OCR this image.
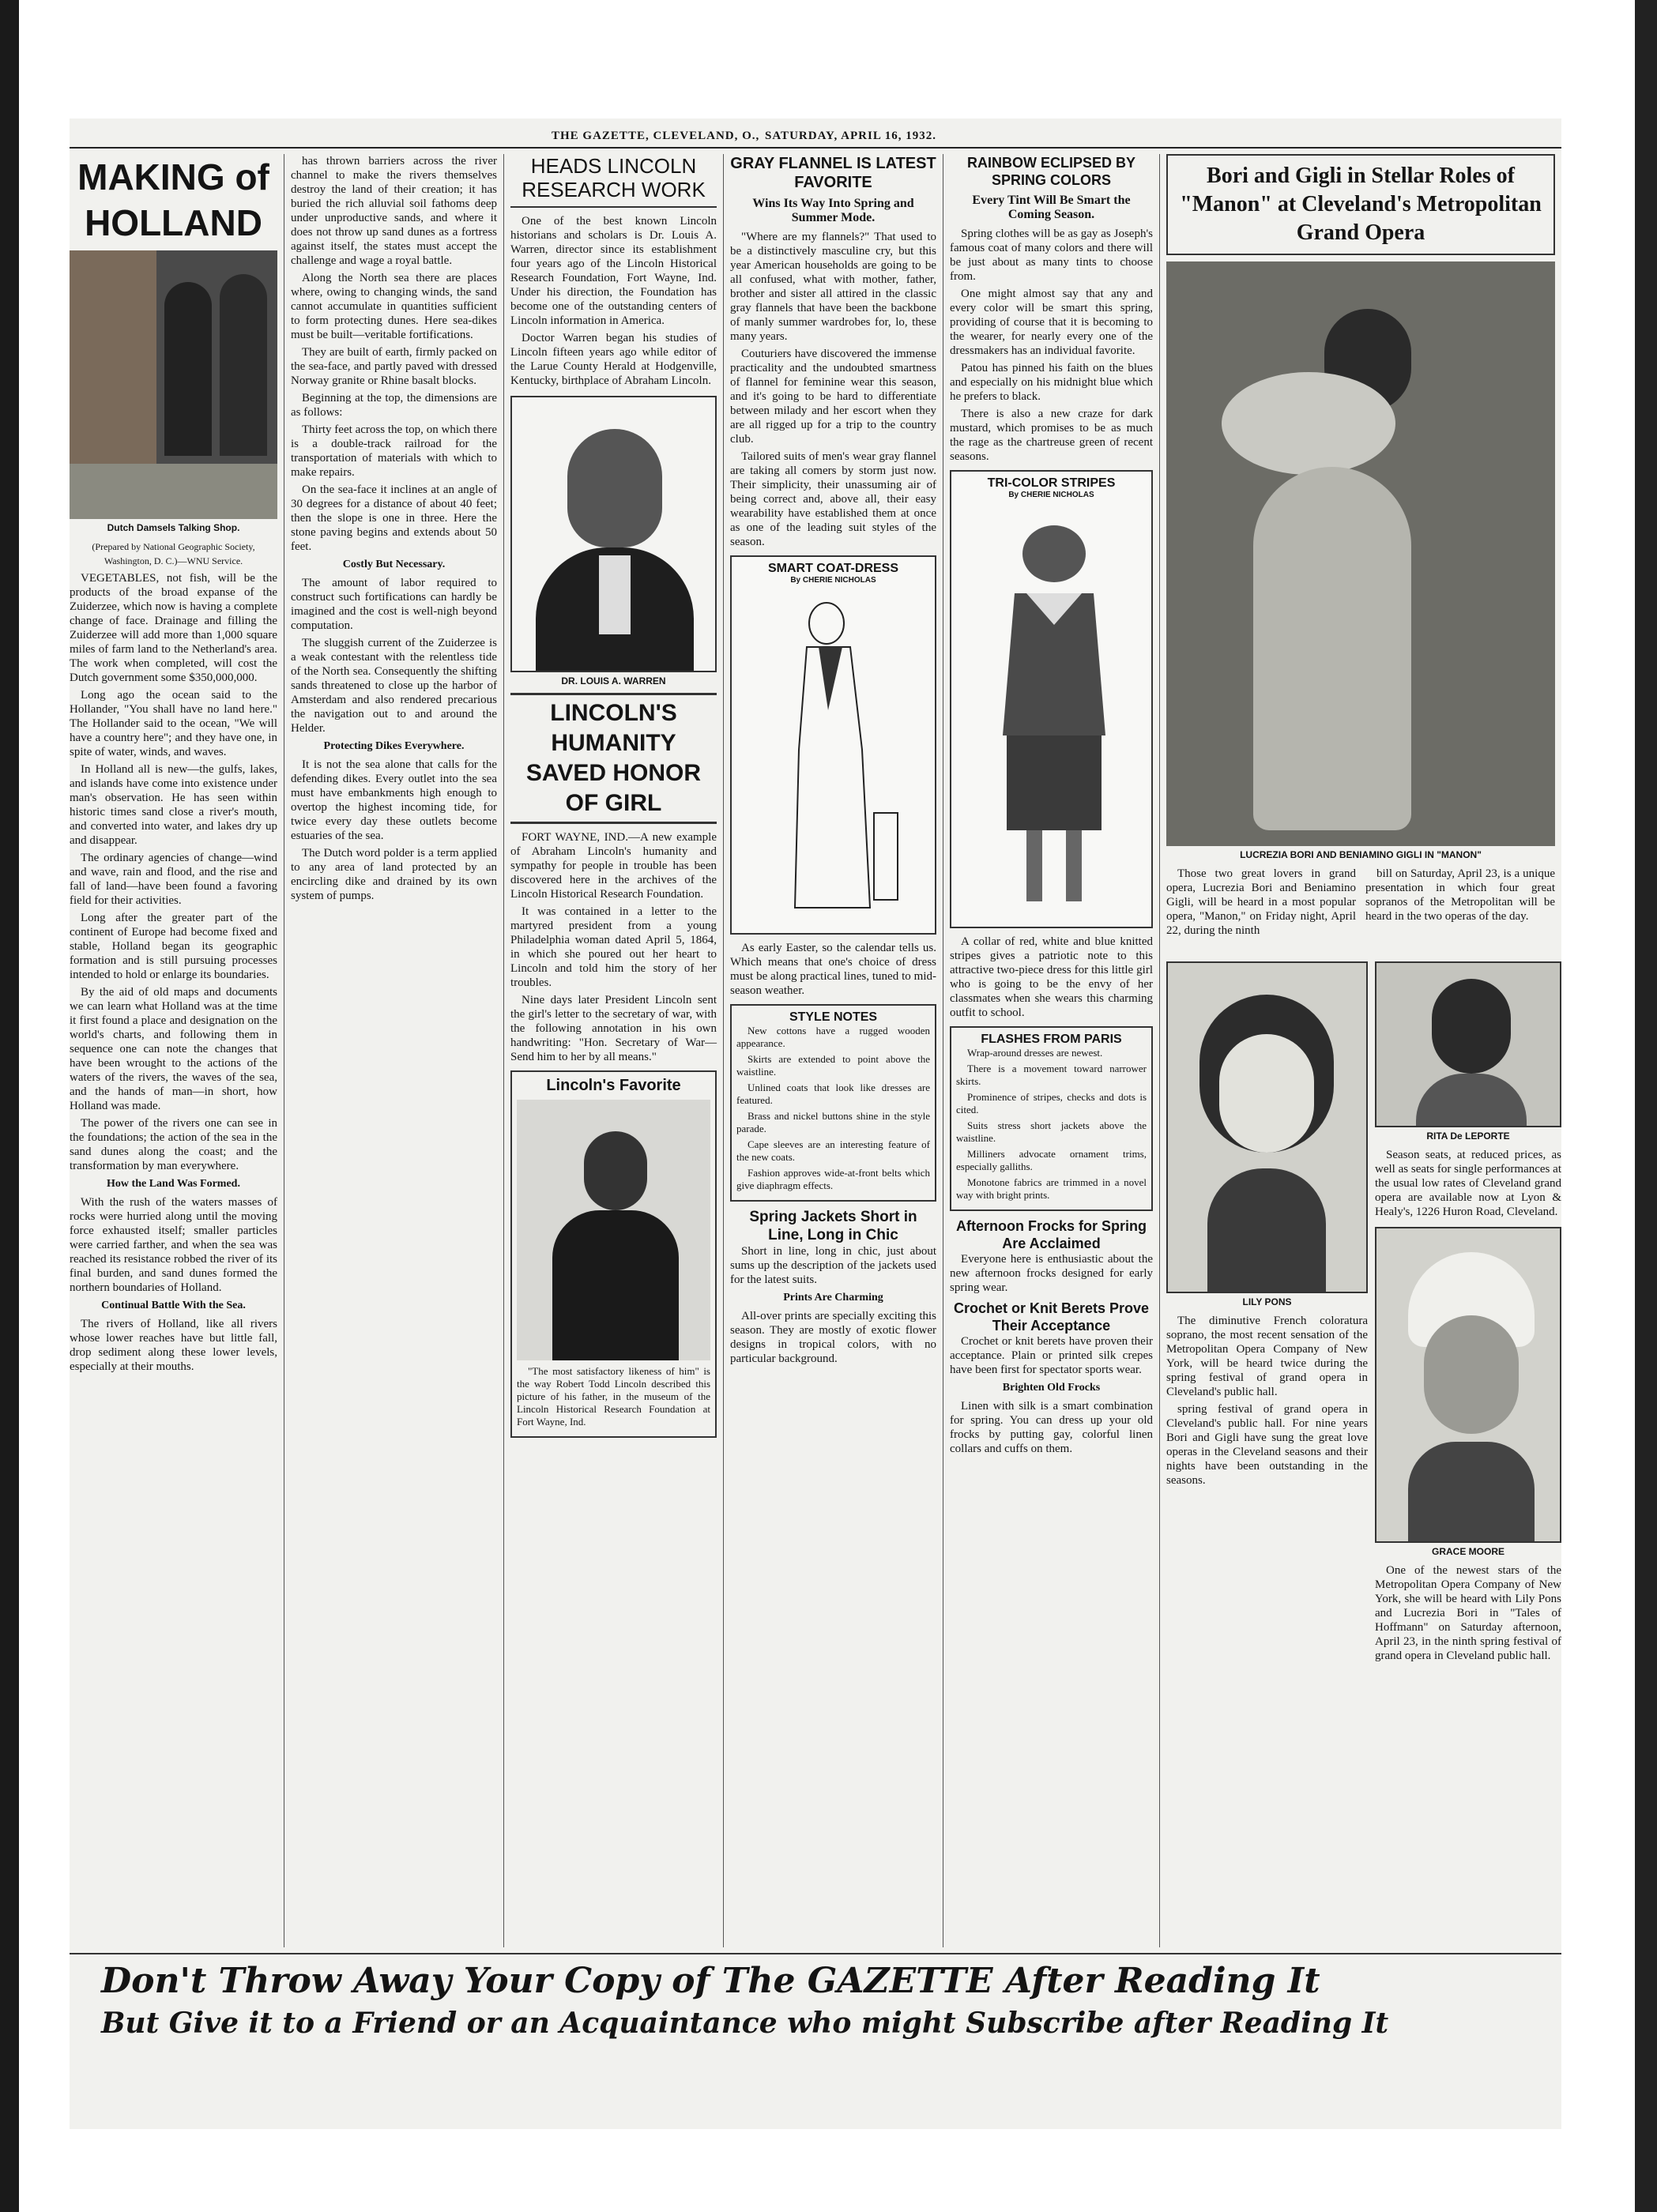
THE GAZETTE, CLEVELAND, O., SATURDAY, APRIL 16, 1932.
MAKING of HOLLAND
Dutch Damsels Talking Shop.
(Prepared by National Geographic Society, Washington, D. C.)—WNU Service.

VEGETABLES, not fish, will be the products of the broad expanse of the Zuiderzee, which now is having a complete change of face. Drainage and filling the Zuiderzee will add more than 1,000 square miles of farm land to the Netherland's area. The work when completed, will cost the Dutch government some $350,000,000.

Long ago the ocean said to the Hollander, "You shall have no land here." The Hollander said to the ocean, "We will have a country here"; and they have one, in spite of water, winds, and waves.

In Holland all is new—the gulfs, lakes, and islands have come into existence under man's observation. He has seen within historic times sand close a river's mouth, and converted into water, and lakes dry up and disappear.

The ordinary agencies of change—wind and wave, rain and flood, and the rise and fall of land—have been found a favoring field for their activities.

Long after the greater part of the continent of Europe had become fixed and stable, Holland began its geographic formation and is still pursuing processes intended to hold or enlarge its boundaries.

By the aid of old maps and documents we can learn what Holland was at the time it first found a place and designation on the world's charts, and following them in sequence one can note the changes that have been wrought to the actions of the waters of the rivers, the waves of the sea, and the hands of man—in short, how Holland was made.

The power of the rivers one can see in the foundations; the action of the sea in the sand dunes along the coast; and the transformation by man everywhere.

How the Land Was Formed.

With the rush of the waters masses of rocks were hurried along until the moving force exhausted itself; smaller particles were carried farther, and when the sea was reached its resistance robbed the river of its final burden, and sand dunes formed the northern boundaries of Holland.

Continual Battle With the Sea.

The rivers of Holland, like all rivers whose lower reaches have but little fall, drop sediment along these lower levels, especially at their mouths.

has thrown barriers across the river channel to make the rivers themselves destroy the land of their creation; it has buried the rich alluvial soil fathoms deep under unproductive sands, and where it does not throw up sand dunes as a fortress against itself, the states must accept the challenge and wage a royal battle.

Along the North sea there are places where, owing to changing winds, the sand cannot accumulate in quantities sufficient to form protecting dunes. Here sea-dikes must be built—veritable fortifications.

They are built of earth, firmly packed on the sea-face, and partly paved with dressed Norway granite or Rhine basalt blocks.

Beginning at the top, the dimensions are as follows:

Thirty feet across the top, on which there is a double-track railroad for the transportation of materials with which to make repairs.

On the sea-face it inclines at an angle of 30 degrees for a distance of about 40 feet; then the slope is one in three. Here the stone paving begins and extends about 50 feet.

Costly But Necessary.

The amount of labor required to construct such fortifications can hardly be imagined and the cost is well-nigh beyond computation.

The sluggish current of the Zuiderzee is a weak contestant with the relentless tide of the North sea. Consequently the shifting sands threatened to close up the harbor of Amsterdam and also rendered precarious the navigation out to and around the Helder.

Protecting Dikes Everywhere.

It is not the sea alone that calls for the defending dikes. Every outlet into the sea must have embankments high enough to overtop the highest incoming tide, for twice every day these outlets become estuaries of the sea.

The Dutch word polder is a term applied to any area of land protected by an encircling dike and drained by its own system of pumps.

HEADS LINCOLN RESEARCH WORK

One of the best known Lincoln historians and scholars is Dr. Louis A. Warren, director since its establishment four years ago of the Lincoln Historical Research Foundation, Fort Wayne, Ind. Under his direction, the Foundation has become one of the outstanding centers of Lincoln information in America.

Doctor Warren began his studies of Lincoln fifteen years ago while editor of the Larue County Herald at Hodgenville, Kentucky, birthplace of Abraham Lincoln.

DR. LOUIS A. WARREN
LINCOLN'S HUMANITY SAVED HONOR OF GIRL

FORT WAYNE, IND.—A new example of Abraham Lincoln's humanity and sympathy for people in trouble has been discovered here in the archives of the Lincoln Historical Research Foundation.

It was contained in a letter to the martyred president from a young Philadelphia woman dated April 5, 1864, in which she poured out her heart to Lincoln and told him the story of her troubles.

Nine days later President Lincoln sent the girl's letter to the secretary of war, with the following annotation in his own handwriting: "Hon. Secretary of War—Send him to her by all means."

Lincoln's Favorite

"The most satisfactory likeness of him" is the way Robert Todd Lincoln described this picture of his father, in the museum of the Lincoln Historical Research Foundation at Fort Wayne, Ind.

GRAY FLANNEL IS LATEST FAVORITE
Wins Its Way Into Spring and Summer Mode.

"Where are my flannels?" That used to be a distinctively masculine cry, but this year American households are going to be all confused, what with mother, father, brother and sister all attired in the classic gray flannels that have been the backbone of manly summer wardrobes for, lo, these many years.

Couturiers have discovered the immense practicality and the undoubted smartness of flannel for feminine wear this season, and it's going to be hard to differentiate between milady and her escort when they are all rigged up for a trip to the country club.

Tailored suits of men's wear gray flannel are taking all comers by storm just now. Their simplicity, their unassuming air of being correct and, above all, their easy wearability have established them at once as one of the leading suit styles of the season.

SMART COAT-DRESS
By CHERIE NICHOLAS

As early Easter, so the calendar tells us. Which means that one's choice of dress must be along practical lines, tuned to mid-season weather.

STYLE NOTES

New cottons have a rugged wooden appearance.

Skirts are extended to point above the waistline.

Unlined coats that look like dresses are featured.

Brass and nickel buttons shine in the style parade.

Cape sleeves are an interesting feature of the new coats.

Fashion approves wide-at-front belts which give diaphragm effects.

Spring Jackets Short in Line, Long in Chic

Short in line, long in chic, just about sums up the description of the jackets used for the latest suits.

Prints Are Charming

All-over prints are specially exciting this season. They are mostly of exotic flower designs in tropical colors, with no particular background.

RAINBOW ECLIPSED BY SPRING COLORS
Every Tint Will Be Smart the Coming Season.

Spring clothes will be as gay as Joseph's famous coat of many colors and there will be just about as many tints to choose from.

One might almost say that any and every color will be smart this spring, providing of course that it is becoming to the wearer, for nearly every one of the dressmakers has an individual favorite.

Patou has pinned his faith on the blues and especially on his midnight blue which he prefers to black.

There is also a new craze for dark mustard, which promises to be as much the rage as the chartreuse green of recent seasons.

TRI-COLOR STRIPES
By CHERIE NICHOLAS

A collar of red, white and blue knitted stripes gives a patriotic note to this attractive two-piece dress for this little girl who is going to be the envy of her classmates when she wears this charming outfit to school.

FLASHES FROM PARIS

Wrap-around dresses are newest.

There is a movement toward narrower skirts.

Prominence of stripes, checks and dots is cited.

Suits stress short jackets above the waistline.

Milliners advocate ornament trims, especially galliths.

Monotone fabrics are trimmed in a novel way with bright prints.

Afternoon Frocks for Spring Are Acclaimed

Everyone here is enthusiastic about the new afternoon frocks designed for early spring wear.

Crochet or Knit Berets Prove Their Acceptance

Crochet or knit berets have proven their acceptance. Plain or printed silk crepes have been first for spectator sports wear.

Brighten Old Frocks

Linen with silk is a smart combination for spring. You can dress up your old frocks by putting gay, colorful linen collars and cuffs on them.

Bori and Gigli in Stellar Roles of "Manon" at Cleveland's Metropolitan Grand Opera
LUCREZIA BORI AND BENIAMINO GIGLI IN "MANON"

Those two great lovers in grand opera, Lucrezia Bori and Beniamino Gigli, will be heard in a most popular opera, "Manon," on Friday night, April 22, during the ninth

bill on Saturday, April 23, is a unique presentation in which four great sopranos of the Metropolitan will be heard in the two operas of the day.

LILY PONS

The diminutive French coloratura soprano, the most recent sensation of the Metropolitan Opera Company of New York, will be heard twice during the spring festival of grand opera in Cleveland's public hall.

spring festival of grand opera in Cleveland's public hall. For nine years Bori and Gigli have sung the great love operas in the Cleveland seasons and their nights have been outstanding in the seasons.

RITA De LEPORTE

Season seats, at reduced prices, as well as seats for single performances at the usual low rates of Cleveland grand opera are available now at Lyon & Healy's, 1226 Huron Road, Cleveland.

GRACE MOORE

One of the newest stars of the Metropolitan Opera Company of New York, she will be heard with Lily Pons and Lucrezia Bori in "Tales of Hoffmann" on Saturday afternoon, April 23, in the ninth spring festival of grand opera in Cleveland public hall.

Don't Throw Away Your Copy of The GAZETTE After Reading It
But Give it to a Friend or an Acquaintance who might Subscribe after Reading It
